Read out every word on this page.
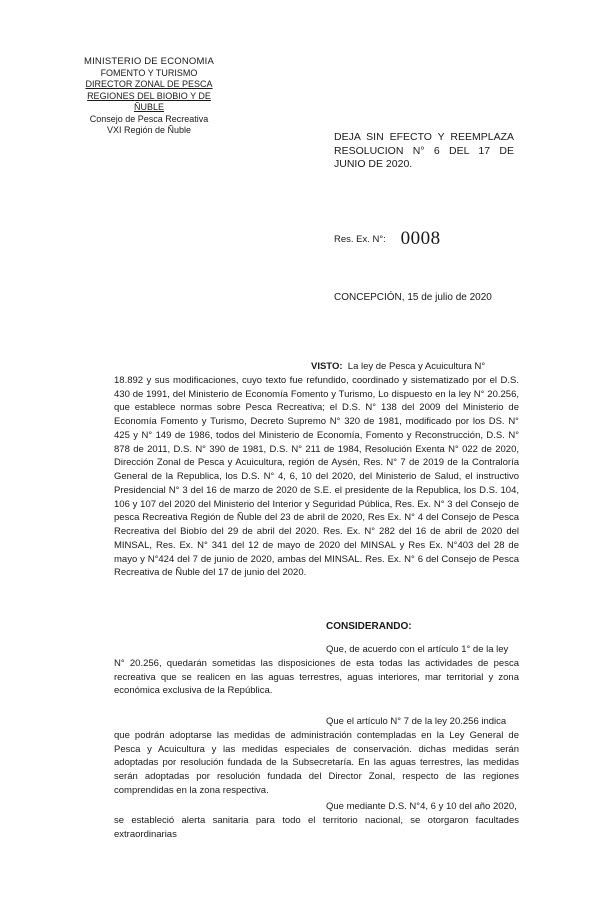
MINISTERIO DE ECONOMIA
FOMENTO Y TURISMO
DIRECTOR ZONAL DE PESCA
REGIONES DEL BIOBIO Y DE ÑUBLE
Consejo de Pesca Recreativa
VXI Región de Ñuble
DEJA SIN EFECTO Y REEMPLAZA RESOLUCION N° 6 DEL 17 DE JUNIO DE 2020.
Res. Ex. N°: 0008
CONCEPCIÓN, 15 de julio de 2020
VISTO: La ley de Pesca y Acuicultura N°
18.892 y sus modificaciones, cuyo texto fue refundido, coordinado y sistematizado por el D.S. 430 de 1991, del Ministerio de Economía Fomento y Turismo, Lo dispuesto en la ley N° 20.256, que establece normas sobre Pesca Recreativa; el D.S. N° 138 del 2009 del Ministerio de Economía Fomento y Turismo, Decreto Supremo N° 320 de 1981, modificado por los DS. N° 425 y N° 149 de 1986, todos del Ministerio de Economía, Fomento y Reconstrucción, D.S. N° 878 de 2011, D.S. N° 390 de 1981, D.S. N° 211 de 1984, Resolución Exenta N° 022 de 2020, Dirección Zonal de Pesca y Acuicultura, región de Aysén, Res. N° 7 de 2019 de la Contraloría General de la Republica, los D.S. N° 4, 6, 10 del 2020, del Ministerio de Salud, el instructivo Presidencial N° 3 del 16 de marzo de 2020 de S.E. el presidente de la Republica, los D.S. 104, 106 y 107 del 2020 del Ministerio del Interior y Seguridad Pública, Res. Ex. N° 3 del Consejo de pesca Recreativa Región de Ñuble del 23 de abril de 2020, Res Ex. N° 4 del Consejo de Pesca Recreativa del Biobío del 29 de abril del 2020. Res. Ex. N° 282 del 16 de abril de 2020 del MINSAL, Res. Ex. N° 341 del 12 de mayo de 2020 del MINSAL y Res Ex. N°403 del 28 de mayo y N°424 del 7 de junio de 2020, ambas del MINSAL. Res. Ex. N° 6 del Consejo de Pesca Recreativa de Ñuble del 17 de junio del 2020.
CONSIDERANDO:
Que, de acuerdo con el artículo 1° de la ley
N° 20.256, quedarán sometidas las disposiciones de esta todas las actividades de pesca recreativa que se realicen en las aguas terrestres, aguas interiores, mar territorial y zona económica exclusiva de la República.
Que el artículo N° 7 de la ley 20.256 indica
que podrán adoptarse las medidas de administración contempladas en la Ley General de Pesca y Acuicultura y las medidas especiales de conservación. dichas medidas serán adoptadas por resolución fundada de la Subsecretaría. En las aguas terrestres, las medidas serán adoptadas por resolución fundada del Director Zonal, respecto de las regiones comprendidas en la zona respectiva.
Que mediante D.S. N°4, 6 y 10 del año 2020,
se estableció alerta sanitaria para todo el territorio nacional, se otorgaron facultades extraordinarias
